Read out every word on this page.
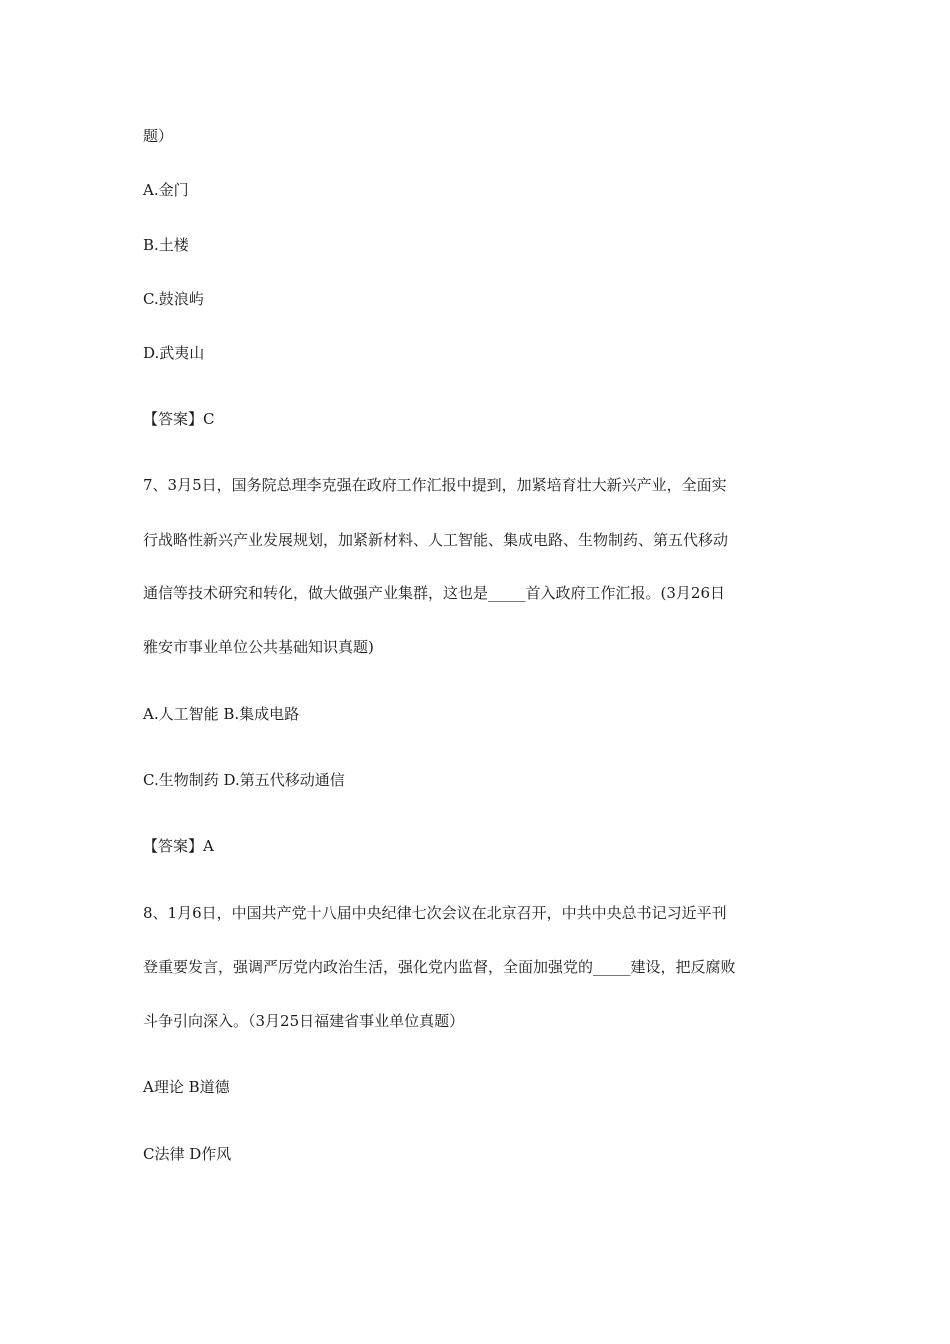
题）
A.金门
B.土楼
C.鼓浪屿
D.武夷山
【答案】C
7、3月5日，国务院总理李克强在政府工作汇报中提到，加紧培育壮大新兴产业，全面实
行战略性新兴产业发展规划，加紧新材料、人工智能、集成电路、生物制药、第五代移动
通信等技术研究和转化，做大做强产业集群，这也是_____首入政府工作汇报。(3月26日
雅安市事业单位公共基础知识真题)
A.人工智能 B.集成电路
C.生物制药 D.第五代移动通信
【答案】A
8、1月6日，中国共产党十八届中央纪律七次会议在北京召开，中共中央总书记习近平刊
登重要发言，强调严厉党内政治生活，强化党内监督，全面加强党的_____建设，把反腐败
斗争引向深入。（3月25日福建省事业单位真题）
A理论 B道德
C法律 D作风
